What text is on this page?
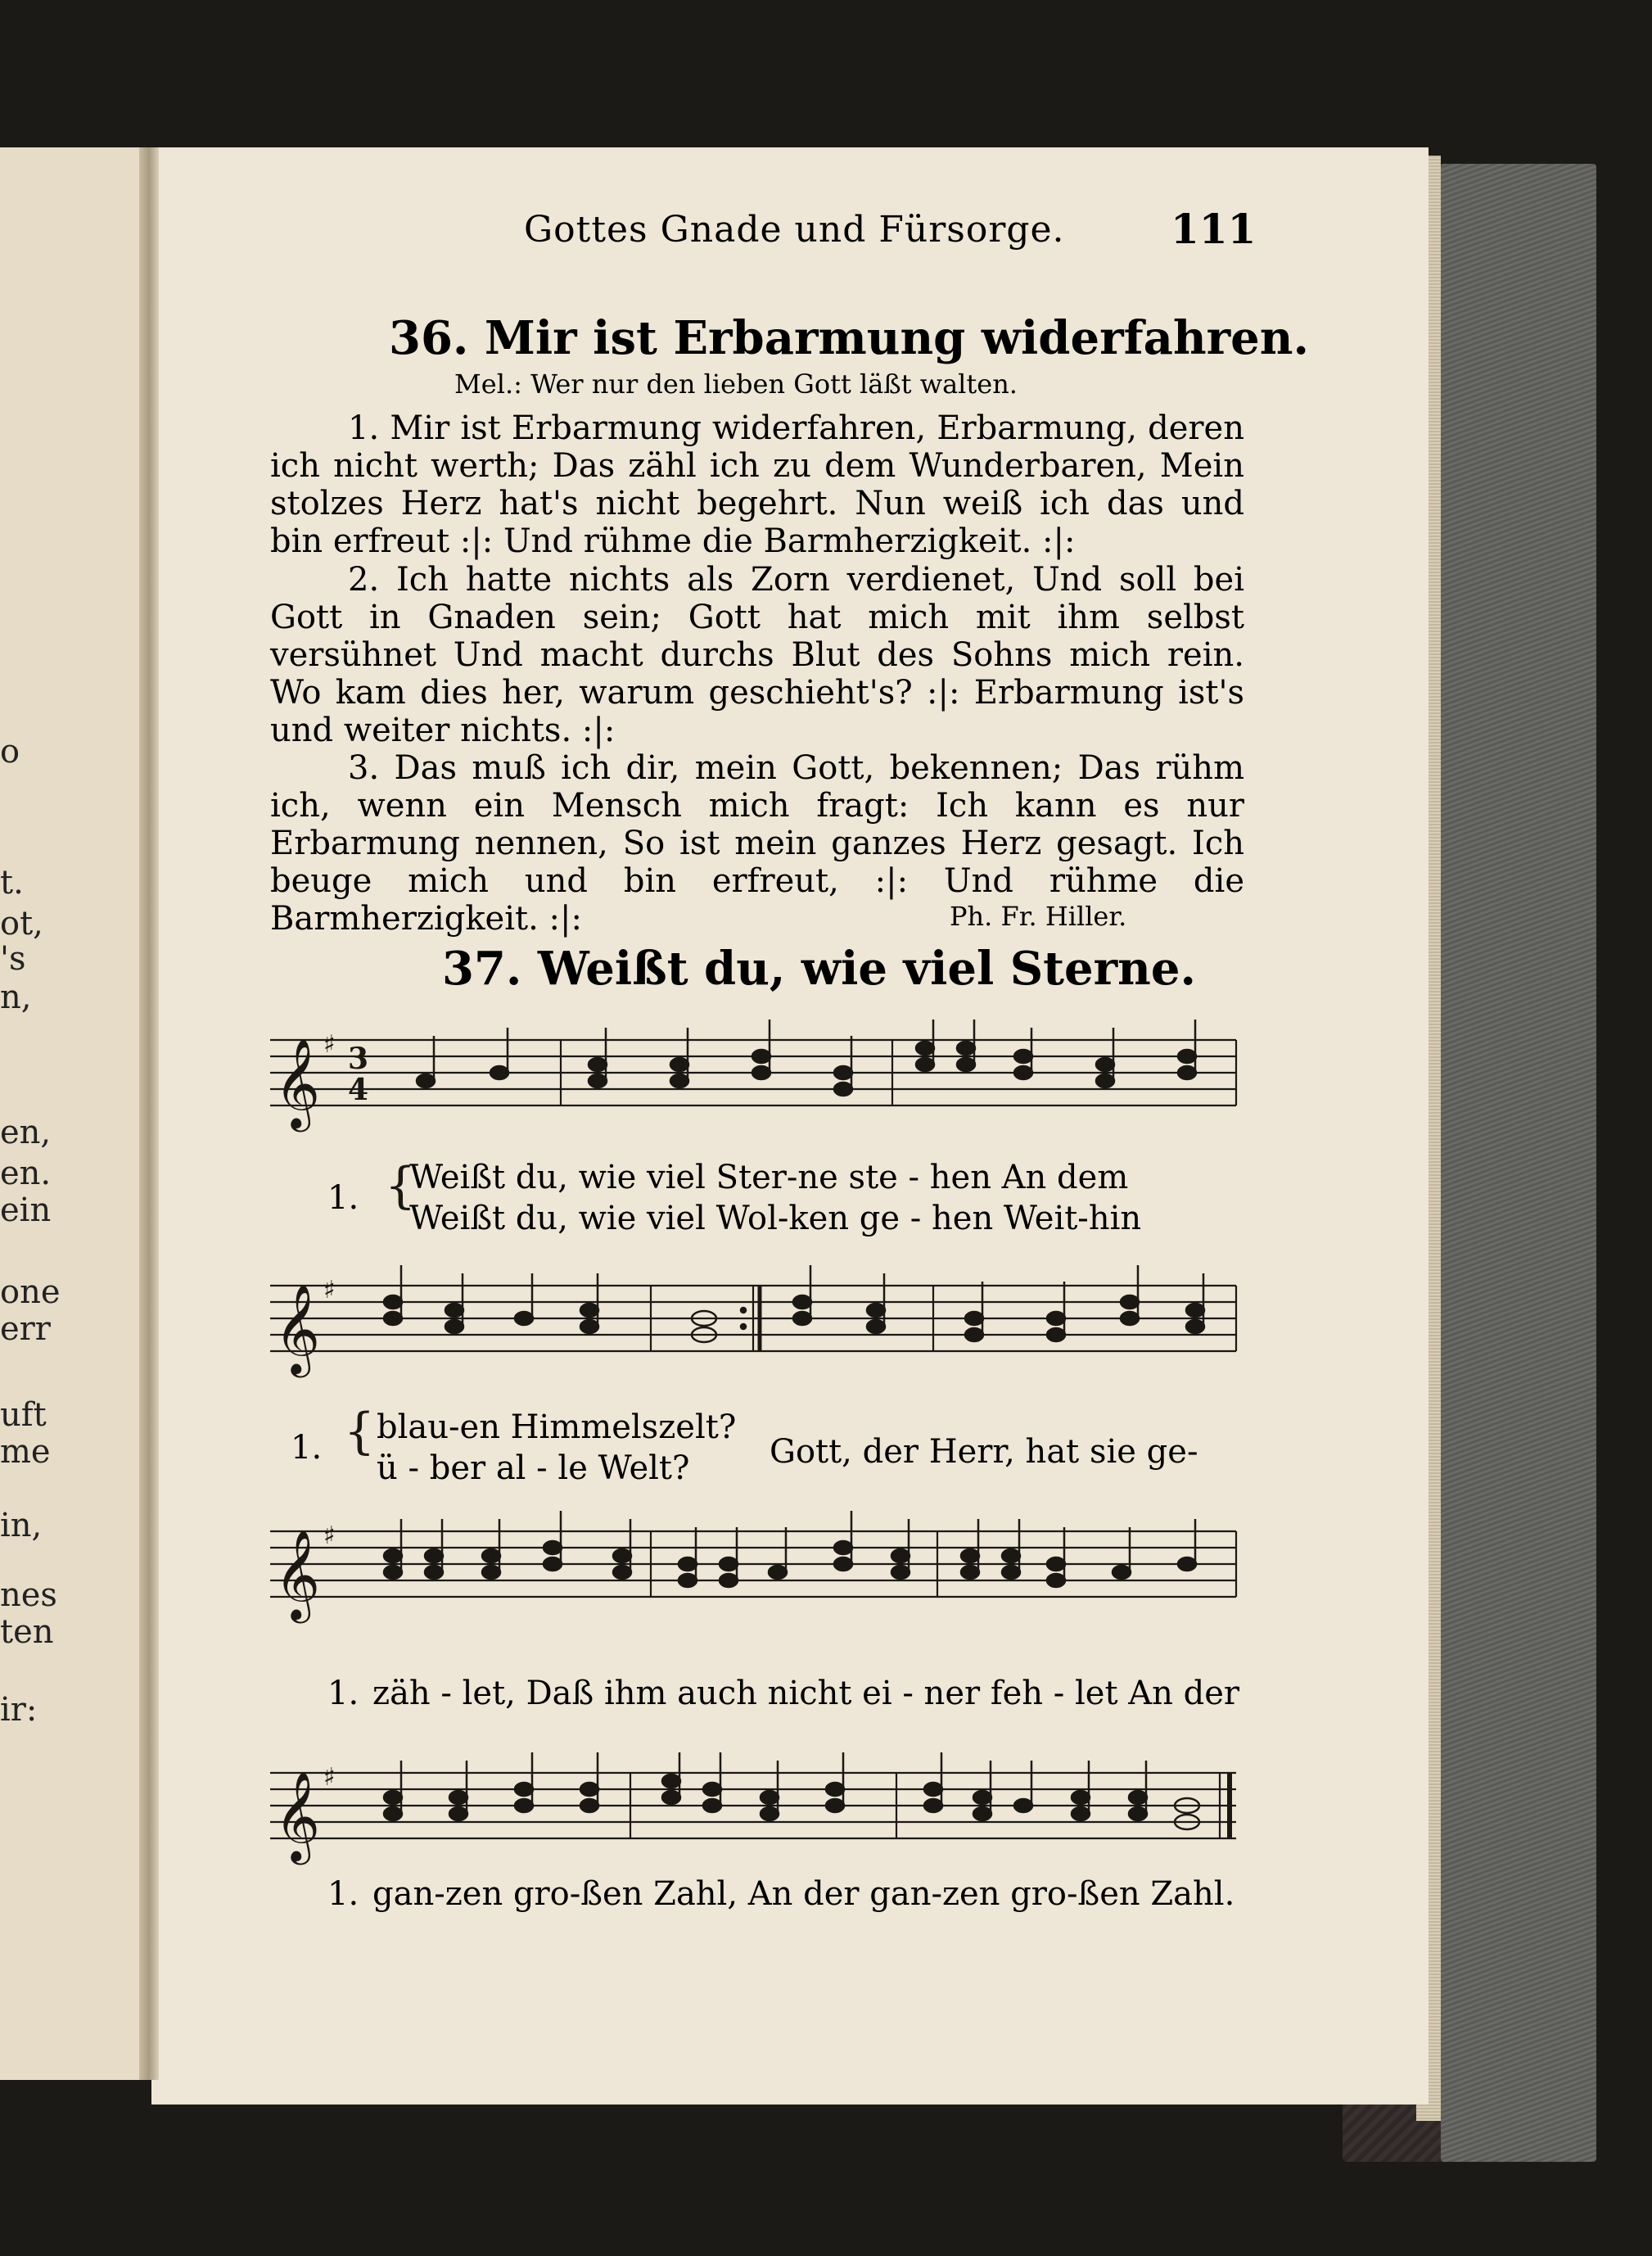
o
t.
ot,
's
n,
en,
en.
ein
one
err
uft
me
in,
nes
ten
ir:
Gottes Gnade und Fürsorge.	111
36. Mir ist Erbarmung widerfahren.
Mel.: Wer nur den lieben Gott läßt walten.
1. Mir ist Erbarmung widerfahren, Erbarmung, deren ich nicht werth; Das zähl ich zu dem Wunderbaren, Mein stolzes Herz hat's nicht begehrt. Nun weiß ich das und bin erfreut :|: Und rühme die Barmherzigkeit. :|:
2. Ich hatte nichts als Zorn verdienet, Und soll bei Gott in Gnaden sein; Gott hat mich mit ihm selbst versühnet Und macht durchs Blut des Sohns mich rein. Wo kam dies her, warum geschieht's? :|: Erbarmung ist's und weiter nichts. :|:
3. Das muß ich dir, mein Gott, bekennen; Das rühm ich, wenn ein Mensch mich fragt: Ich kann es nur Erbarmung nennen, So ist mein ganzes Herz gesagt. Ich beuge mich und bin erfreut, :|: Und rühme die Barmherzigkeit. :|:	Ph. Fr. Hiller.
37. Weißt du, wie viel Sterne.
𝄞 ♯ 3
4
1. {
Weißt du, wie viel Ster-ne ste - hen An dem
Weißt du, wie viel Wol-ken ge - hen Weit-hin
𝄞 ♯
1. { blau-en Himmelszelt?
ü - ber al - le Welt? Gott, der Herr, hat sie ge-
𝄞 ♯
1. zäh - let, Daß ihm auch nicht ei - ner feh - let An der
𝄞 ♯
1. gan-zen gro-ßen Zahl, An der gan-zen gro-ßen Zahl.
